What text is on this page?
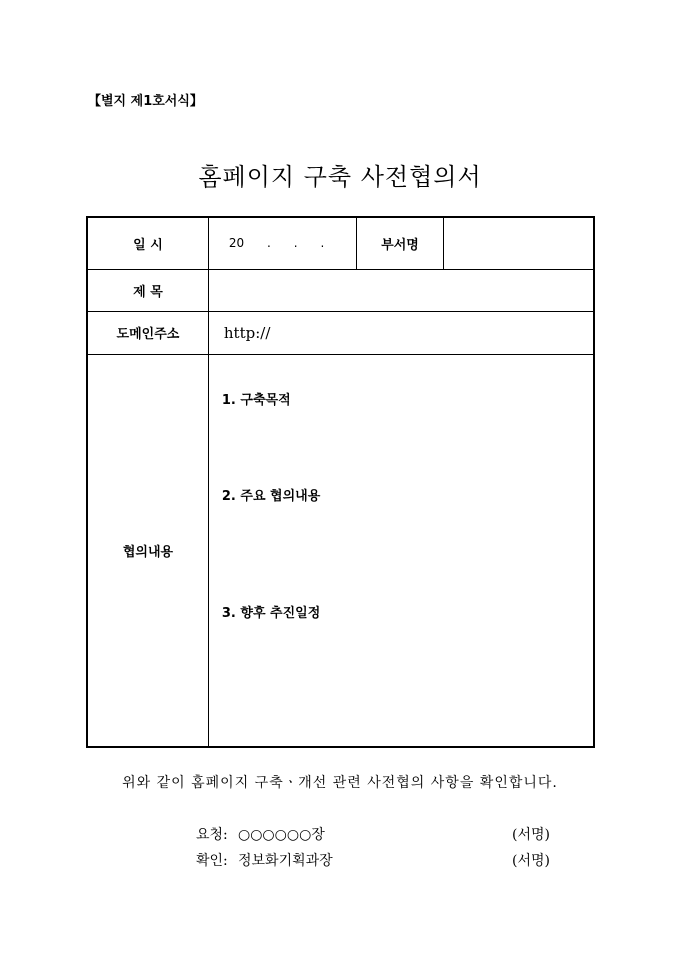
【별지 제1호서식】
홈페이지 구축 사전협의서
일 시	20      .      .      .	부서명	
제 목			
도메인주소	http://		
협의내용	1. 구축목적
2. 주요 협의내용
3. 향후 추진일정		
위와 같이 홈페이지 구축ㆍ개선 관련 사전협의 사항을 확인합니다.
요청: ○○○○○○장	(서명)
확인: 정보화기획과장	(서명)
